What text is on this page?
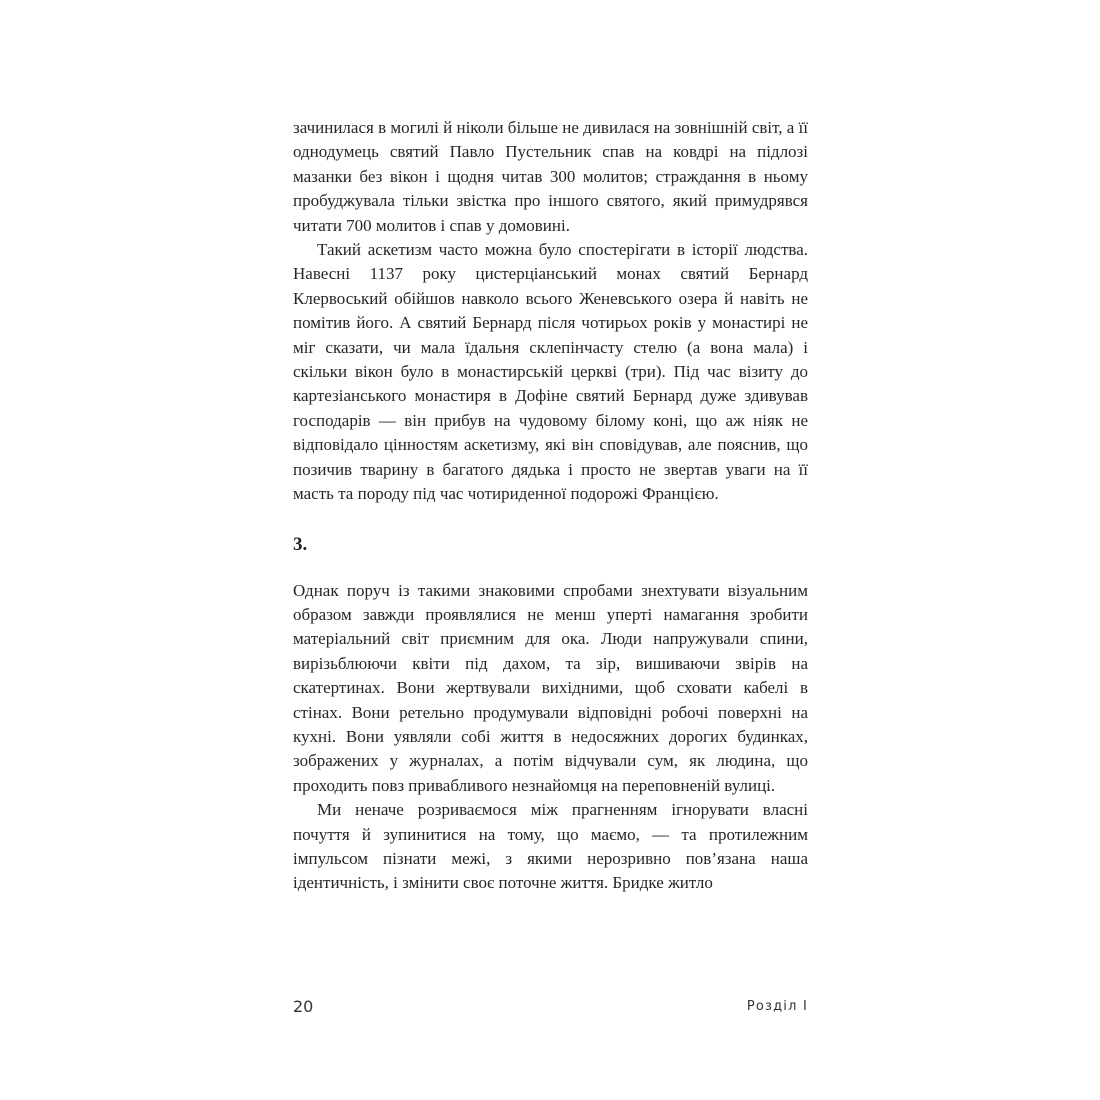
зачинилася в могилі й ніколи більше не дивилася на зовнішній світ, а її однодумець святий Павло Пустельник спав на ковдрі на підлозі мазанки без вікон і щодня читав 300 молитов; страждання в ньому пробуджувала тільки звістка про іншого святого, який примудрявся читати 700 молитов і спав у домовині.

Такий аскетизм часто можна було спостерігати в історії людства. Навесні 1137 року цистерціанський монах святий Бернард Клервоський обійшов навколо всього Женевського озера й навіть не помітив його. А святий Бернард після чотирьох років у монастирі не міг сказати, чи мала їдальня склепінчасту стелю (а вона мала) і скільки вікон було в монастирській церкві (три). Під час візиту до картезіанського монастиря в Дофіне святий Бернард дуже здивував господарів — він прибув на чудовому білому коні, що аж ніяк не відповідало цінностям аскетизму, які він сповідував, але пояснив, що позичив тварину в багатого дядька і просто не звертав уваги на її масть та породу під час чотириденної подорожі Францією.

3.

Однак поруч із такими знаковими спробами знехтувати візуальним образом завжди проявлялися не менш уперті намагання зробити матеріальний світ приємним для ока. Люди напружували спини, вирізьблюючи квіти під дахом, та зір, вишиваючи звірів на скатертинах. Вони жертвували вихідними, щоб сховати кабелі в стінах. Вони ретельно продумували відповідні робочі поверхні на кухні. Вони уявляли собі життя в недосяжних дорогих будинках, зображених у журналах, а потім відчували сум, як людина, що проходить повз привабливого незнайомця на переповненій вулиці.

Ми неначе розриваємося між прагненням ігнорувати власні почуття й зупинитися на тому, що маємо, — та протилежним імпульсом пізнати межі, з якими нерозривно пов’язана наша ідентичність, і змінити своє поточне життя. Бридке житло

20	Розділ І
